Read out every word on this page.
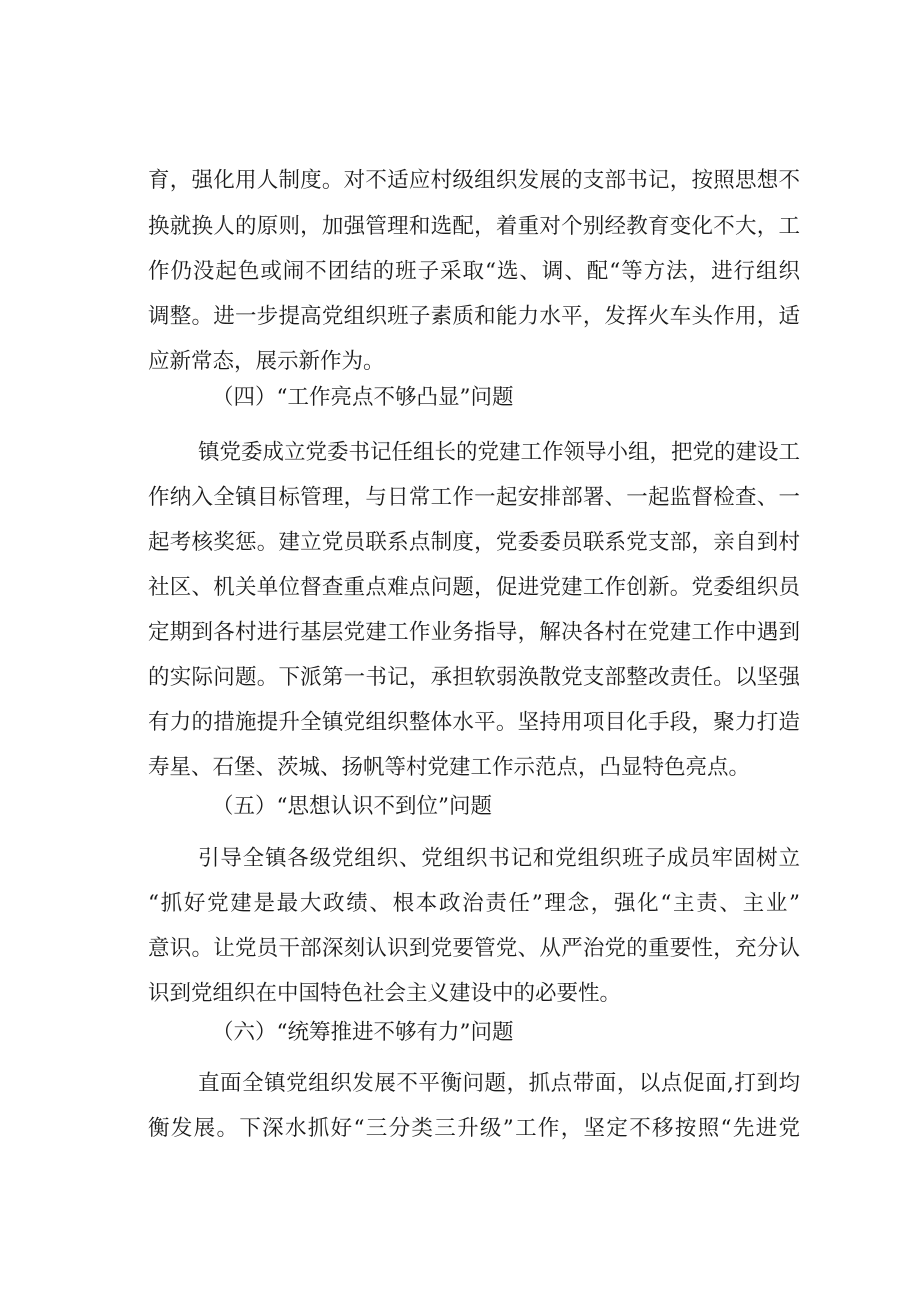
育，强化用人制度。对不适应村级组织发展的支部书记，按照思想不
换就换人的原则，加强管理和选配，着重对个别经教育变化不大，工
作仍没起色或闹不团结的班子采取“选、调、配“等方法，进行组织
调整。进一步提高党组织班子素质和能力水平，发挥火车头作用，适
应新常态，展示新作为。
（四）“工作亮点不够凸显”问题
镇党委成立党委书记任组长的党建工作领导小组，把党的建设工
作纳入全镇目标管理，与日常工作一起安排部署、一起监督检查、一
起考核奖惩。建立党员联系点制度，党委委员联系党支部，亲自到村
社区、机关单位督查重点难点问题，促进党建工作创新。党委组织员
定期到各村进行基层党建工作业务指导，解决各村在党建工作中遇到
的实际问题。下派第一书记，承担软弱涣散党支部整改责任。以坚强
有力的措施提升全镇党组织整体水平。坚持用项目化手段，聚力打造
寿星、石堡、茨城、扬帆等村党建工作示范点，凸显特色亮点。
（五）“思想认识不到位”问题
引导全镇各级党组织、党组织书记和党组织班子成员牢固树立
“抓好党建是最大政绩、根本政治责任”理念，强化“主责、主业”
意识。让党员干部深刻认识到党要管党、从严治党的重要性，充分认
识到党组织在中国特色社会主义建设中的必要性。
（六）“统筹推进不够有力”问题
直面全镇党组织发展不平衡问题，抓点带面，以点促面,打到均
衡发展。下深水抓好“三分类三升级”工作，坚定不移按照“先进党
